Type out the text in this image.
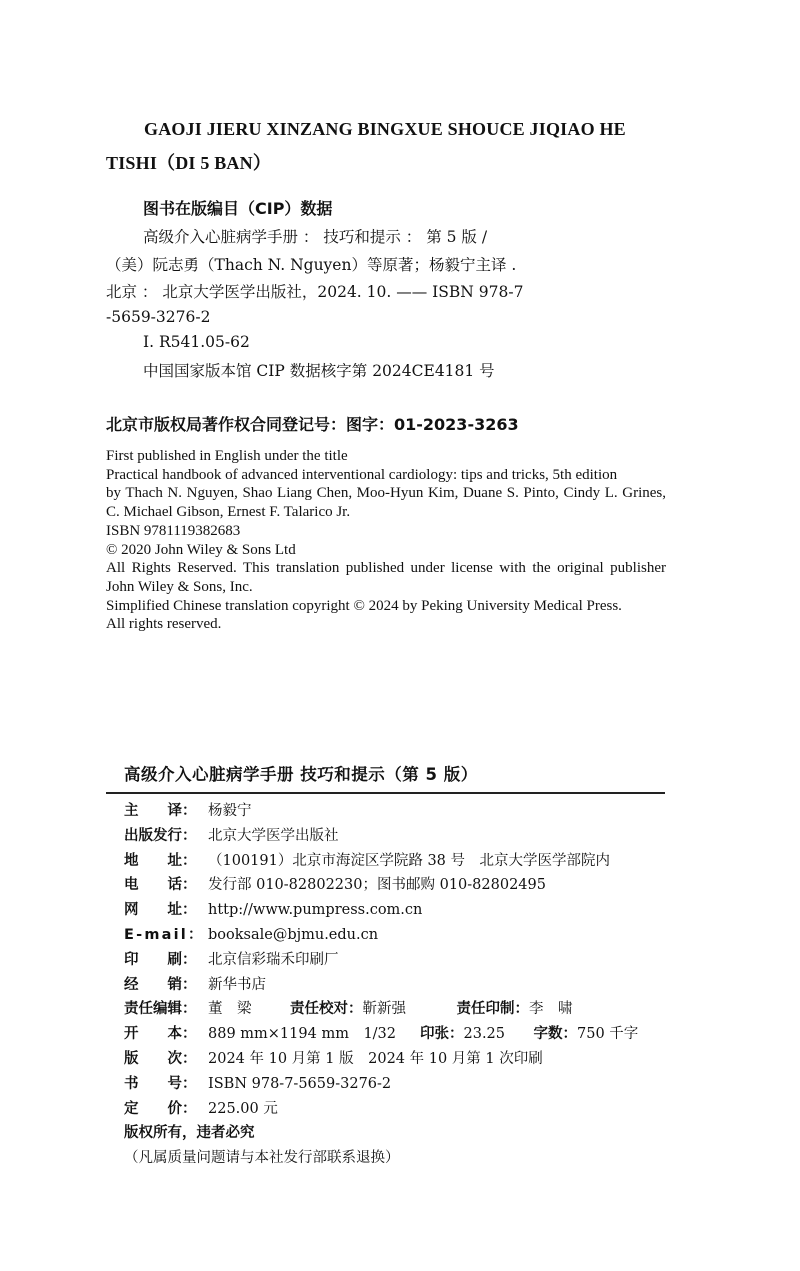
GAOJI JIERU XINZANG BINGXUE SHOUCE JIQIAO HE TISHI（DI 5 BAN）
图书在版编目（CIP）数据
高级介入心脏病学手册 ： 技巧和提示 ： 第 5 版 /
（美）阮志勇（Thach N. Nguyen）等原著；杨毅宁主译 .
北京 ： 北京大学医学出版社，2024. 10. —— ISBN 978-7
-5659-3276-2
Ⅰ. R541.05-62
中国国家版本馆 CIP 数据核字第 2024CE4181 号
北京市版权局著作权合同登记号：图字：01-2023-3263

First published in English under the title

Practical handbook of advanced interventional cardiology: tips and tricks, 5th edition

by Thach N. Nguyen, Shao Liang Chen, Moo-Hyun Kim, Duane S. Pinto, Cindy L. Grines, C. Michael Gibson, Ernest F. Talarico Jr.

ISBN 9781119382683

© 2020 John Wiley & Sons Ltd

All Rights Reserved. This translation published under license with the original publisher John Wiley & Sons, Inc.

Simplified Chinese translation copyright © 2024 by Peking University Medical Press.

All rights reserved.

高级介入心脏病学手册 技巧和提示（第 5 版）
主　　译： 杨毅宁
出版发行： 北京大学医学出版社
地　　址： （100191）北京市海淀区学院路 38 号　北京大学医学部院内
电　　话： 发行部 010-82802230；图书邮购 010-82802495
网　　址： http://www.pumpress.com.cn
E-mail： booksale@bjmu.edu.cn
印　　刷： 北京信彩瑞禾印刷厂
经　　销： 新华书店
责任编辑： 董　梁	责任校对： 靳新强	责任印制： 李　啸
开　　本： 889 mm×1194 mm　1/32	印张： 23.25	字数： 750 千字
版　　次： 2024 年 10 月第 1 版　2024 年 10 月第 1 次印刷
书　　号： ISBN 978-7-5659-3276-2
定　　价： 225.00 元
版权所有，违者必究
（凡属质量问题请与本社发行部联系退换）
